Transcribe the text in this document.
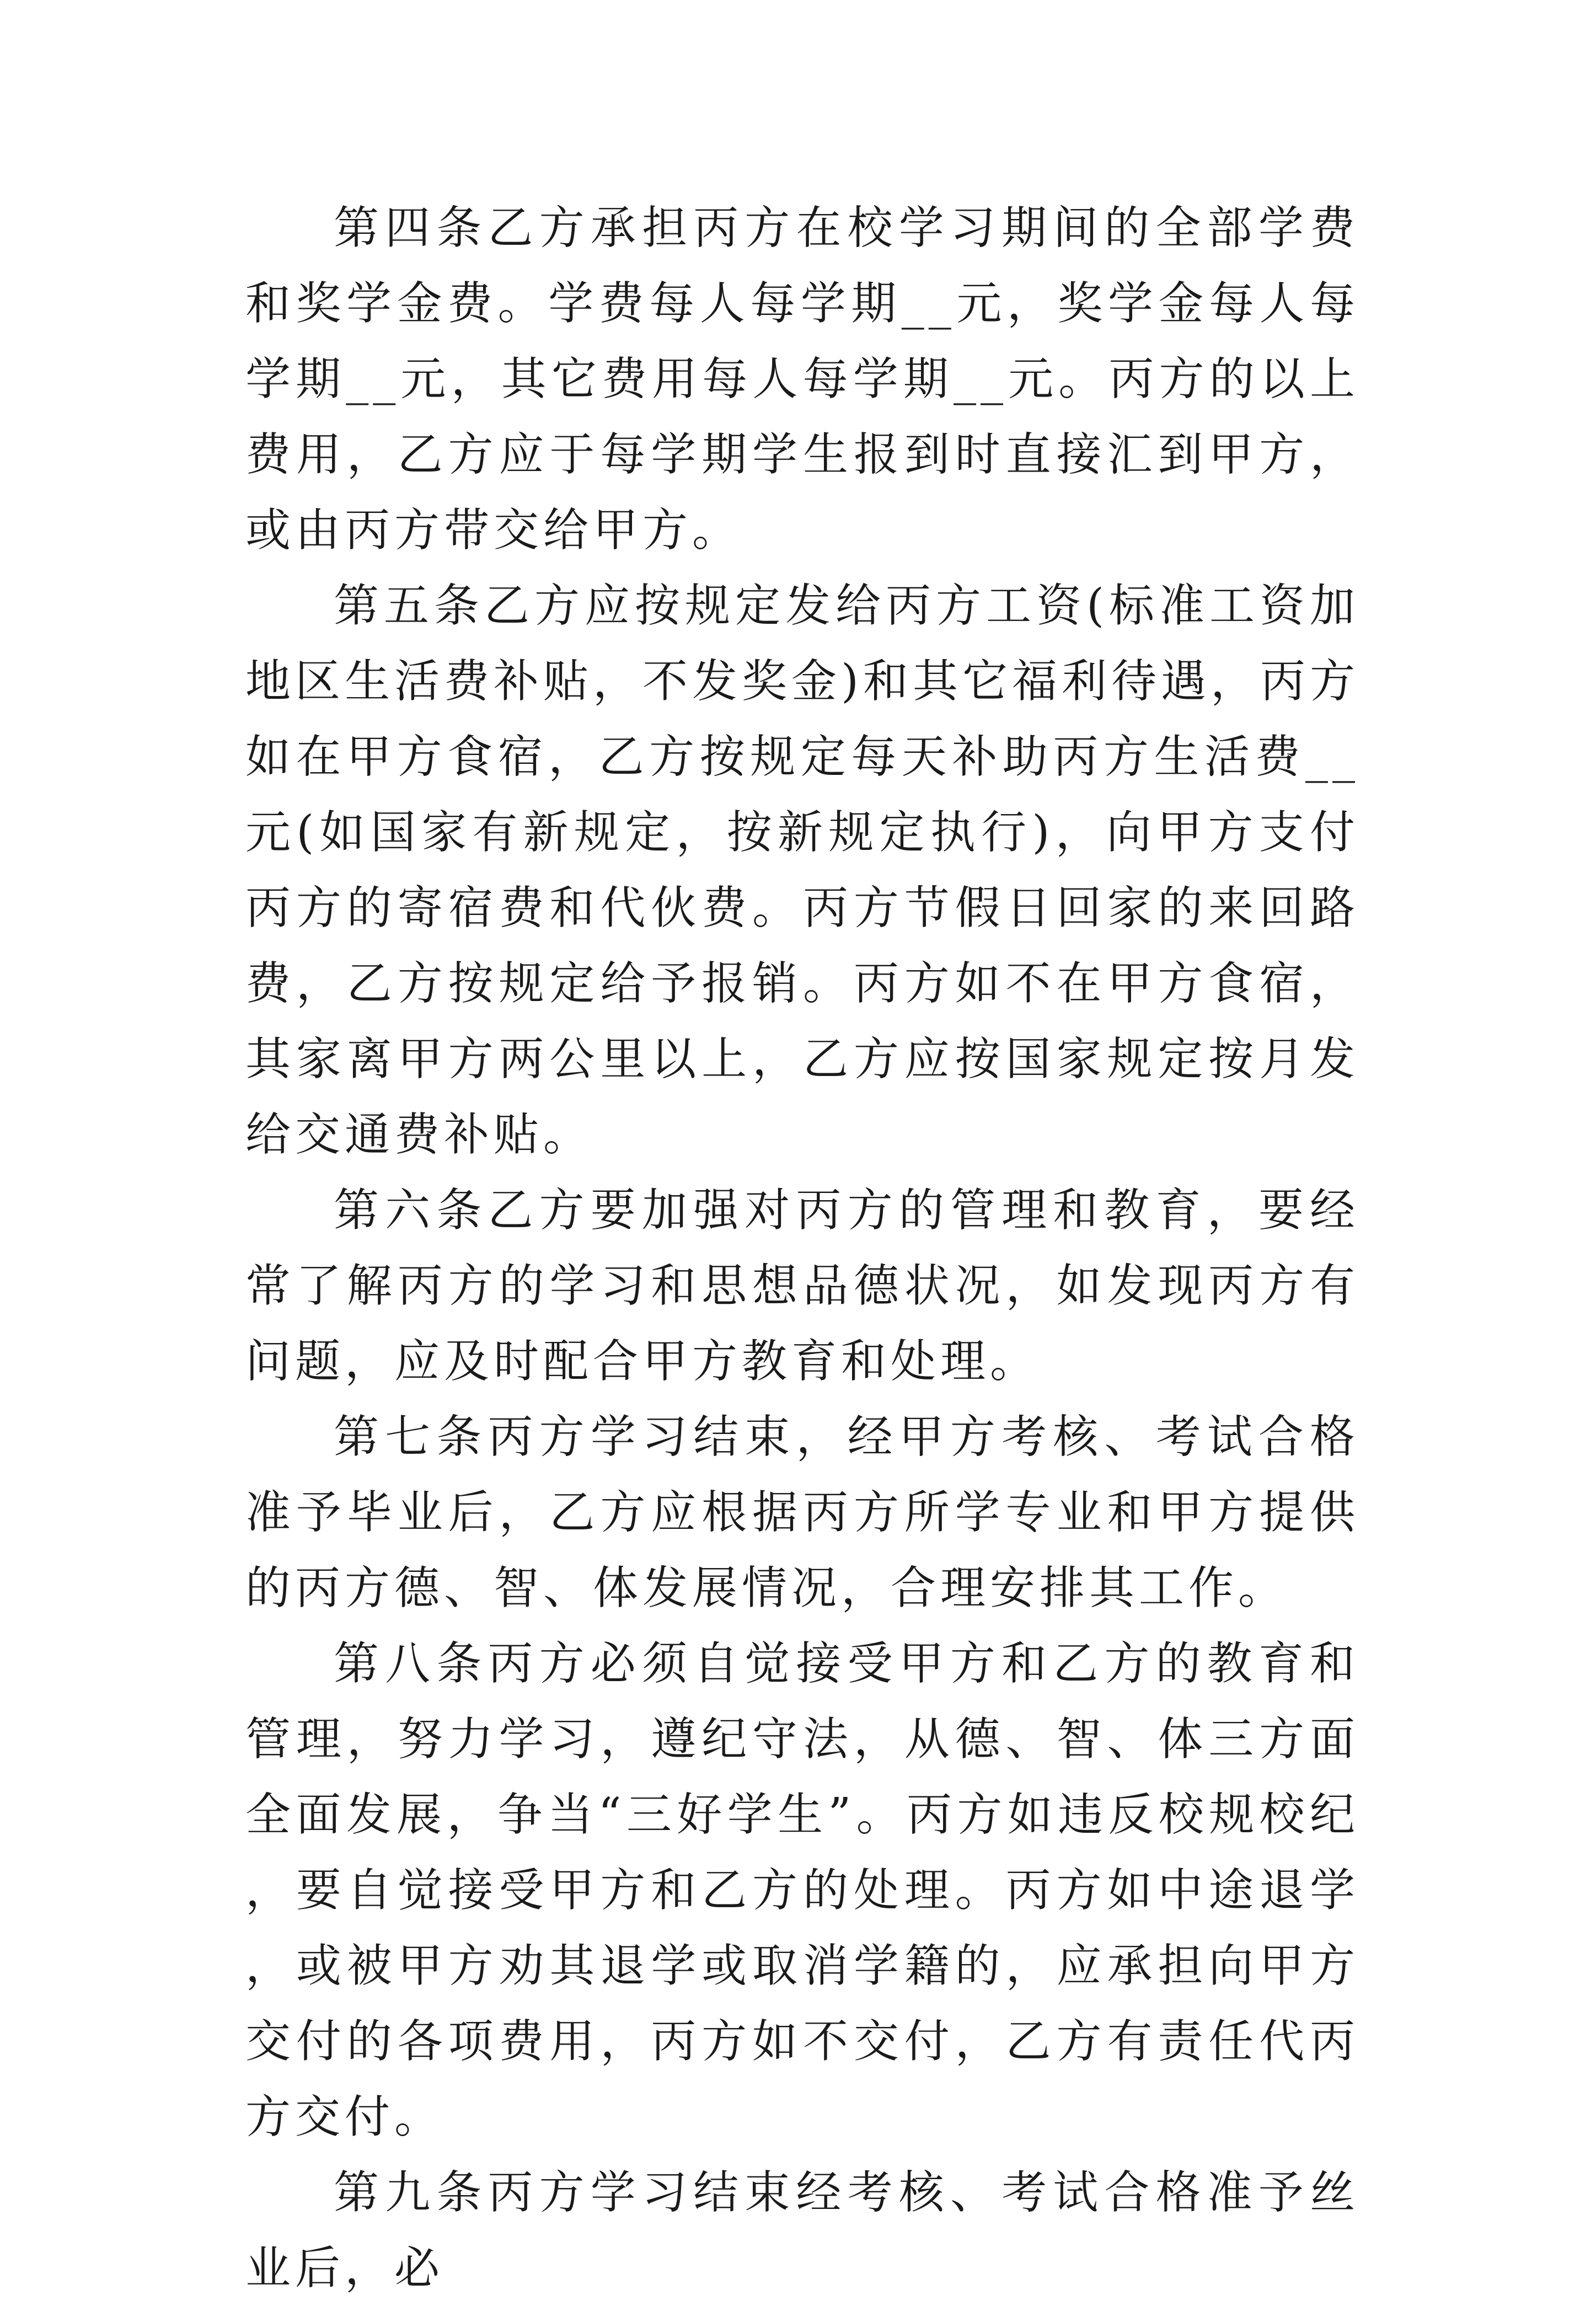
第四条乙方承担丙方在校学习期间的全部学费和奖学金费。学费每人每学期__元，奖学金每人每学期__元，其它费用每人每学期__元。丙方的以上费用，乙方应于每学期学生报到时直接汇到甲方，或由丙方带交给甲方。

第五条乙方应按规定发给丙方工资(标准工资加地区生活费补贴，不发奖金)和其它福利待遇，丙方如在甲方食宿，乙方按规定每天补助丙方生活费__元(如国家有新规定，按新规定执行)，向甲方支付丙方的寄宿费和代伙费。丙方节假日回家的来回路费，乙方按规定给予报销。丙方如不在甲方食宿，其家离甲方两公里以上，乙方应按国家规定按月发给交通费补贴。

第六条乙方要加强对丙方的管理和教育，要经常了解丙方的学习和思想品德状况，如发现丙方有问题，应及时配合甲方教育和处理。

第七条丙方学习结束，经甲方考核、考试合格准予毕业后，乙方应根据丙方所学专业和甲方提供的丙方德、智、体发展情况，合理安排其工作。

第八条丙方必须自觉接受甲方和乙方的教育和管理，努力学习，遵纪守法，从德、智、体三方面全面发展，争当“三好学生”。丙方如违反校规校纪，要自觉接受甲方和乙方的处理。丙方如中途退学，或被甲方劝其退学或取消学籍的，应承担向甲方交付的各项费用，丙方如不交付，乙方有责任代丙方交付。

第九条丙方学习结束经考核、考试合格准予丝业后，必
